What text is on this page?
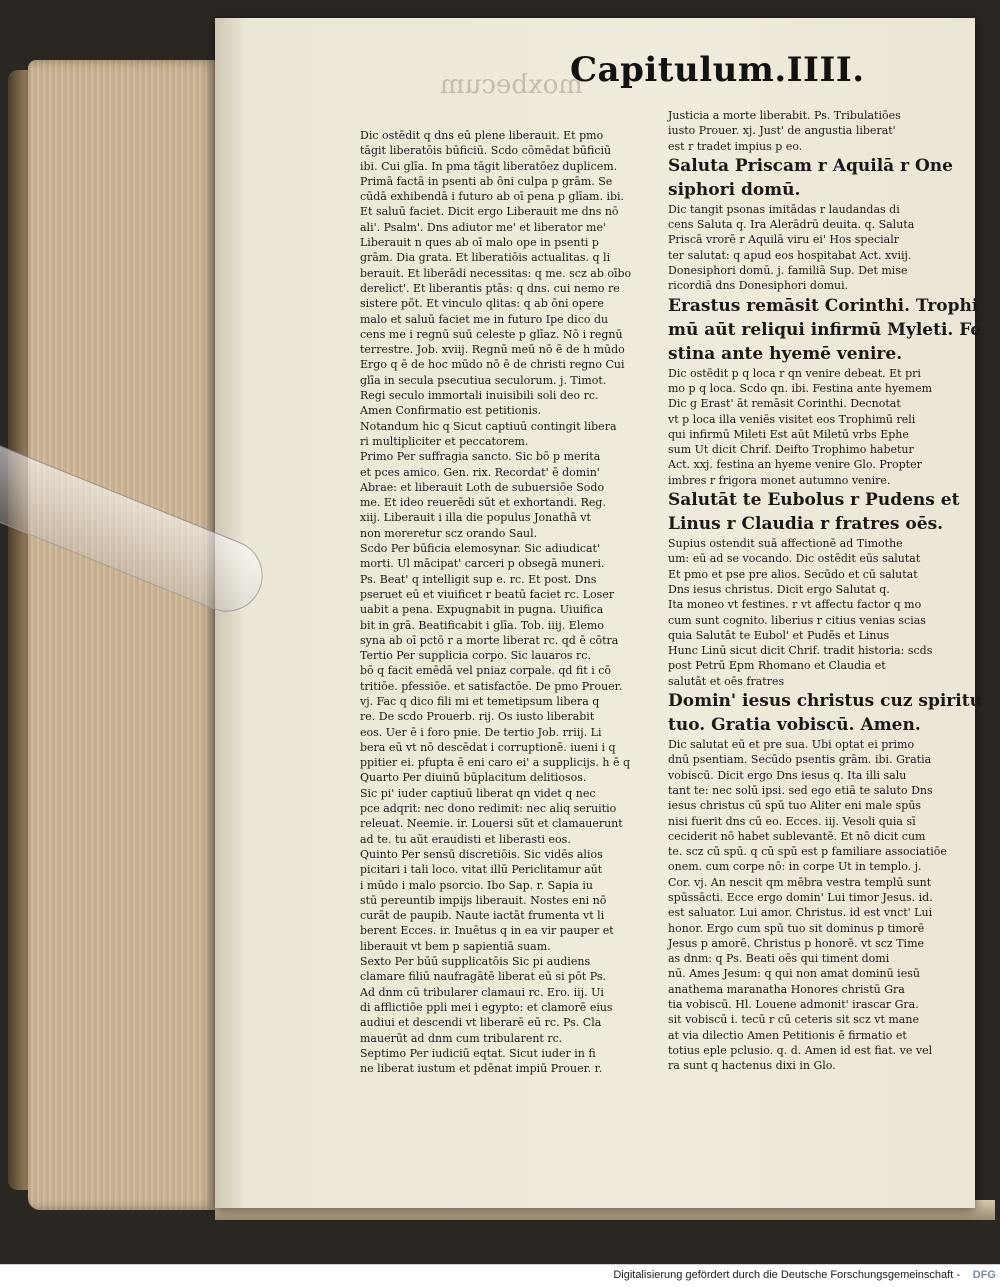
moxbecum
Capitulum.IIII.
Dic ostēdit q dns eū plene liberauit. Et pmo
tāgit liberatōis būficiū. Scdo cōmēdat būficiū
ibi. Cui glīa. In pma tāgit liberatōez duplicem.
Primā factā in psenti ab ōni culpa p grām. Se
cūdā exhibendā i futuro ab oī pena p glīam. ibi.
Et saluū faciet. Dicit ergo Liberauit me dns nō
ali'. Psalm'. Dns adiutor me' et liberator me'
Liberauit n ques ab oī malo ope in psenti p
grām. Dia grata. Et liberatiōis actualitas. q li
berauit. Et liberādi necessitas: q me. scz ab oībo
derelict'. Et liberantis ptās: q dns. cui nemo re
sistere pōt. Et vinculo qlitas: q ab ōni opere
malo et saluū faciet me in futuro Ipe dico du
cens me i regnū suū celeste p glīaz. Nō i regnū
terrestre. Job. xviij. Regnū meū nō ē de h mūdo
Ergo q ē de hoc mūdo nō ē de christi regno Cui
glīa in secula psecutiua seculorum. j. Timot.
Regi seculo immortali inuisibili soli deo rc.
Amen Confirmatio est petitionis.
Notandum hic q Sicut captiuū contingit libera
ri multipliciter et peccatorem.
Primo Per suffragia sancto. Sic bō p merita
et pces amico. Gen. rix. Recordat' ē domin'
Abrae: et liberauit Loth de subuersiōe Sodo
me. Et ideo reuerēdi sūt et exhortandi. Reg.
xiij. Liberauit i illa die populus Jonathā vt
non moreretur scz orando Saul.
Scdo Per būficia elemosynar. Sic adiudicat'
morti. Ul mācipat' carceri p obsegā muneri.
Ps. Beat' q intelligit sup e. rc. Et post. Dns
pseruet eū et viuificet r beatū faciet rc. Loser
uabit a pena. Expugnabit in pugna. Uiuifica
bit in grā. Beatificabit i glīa. Tob. iiij. Elemo
syna ab oī pctō r a morte liberat rc. qd ē cōtra
Tertio Per supplicia corpo. Sic lauaros rc.
bō q facit emēdā vel pniaz corpale. qd fit i cō
tritiōe. pfessiōe. et satisfactōe. De pmo Prouer.
vj. Fac q dico fili mi et temetipsum libera q
re. De scdo Prouerb. rij. Os iusto liberabit
eos. Uer ē i foro pnie. De tertio Job. rriij. Li
bera eū vt nō descēdat i corruptionē. iueni i q
ppitier ei. pfupta ē eni caro ei' a supplicijs. h ē q
Quarto Per diuinū būplacitum delitiosos.
Sic pi' iuder captiuū liberat qn videt q nec
pce adqrit: nec dono redimit: nec aliq seruitio
releuat. Neemie. ir. Louersi sūt et clamauerunt
ad te. tu aūt eraudisti et liberasti eos.
Quinto Per sensū discretiōis. Sic vidēs alios
picitari i tali loco. vitat illū Periclitamur aūt
i mūdo i malo psorcio. Ibo Sap. r. Sapia iu
stū pereuntib impijs liberauit. Nostes eni nō
curāt de paupib. Naute iactāt frumenta vt li
berent Ecces. ir. Inuētus q in ea vir pauper et
liberauit vt bem p sapientiā suam.
Sexto Per būū supplicatōis Sic pi audiens
clamare filiū naufragātē liberat eū si pōt Ps.
Ad dnm cū tribularer clamaui rc. Ero. iij. Ui
di afflictiōe ppli mei i egypto: et clamorē eius
audiui et descendi vt liberarē eū rc. Ps. Cla
mauerūt ad dnm cum tribularent rc.
Septimo Per iudiciū eqtat. Sicut iuder in fi
ne liberat iustum et pdēnat impiū Prouer. r.
Justicia a morte liberabit. Ps. Tribulatiōes
iusto Prouer. xj. Just' de angustia liberat'
est r tradet impius p eo.
Saluta Priscam r Aquilā r One
siphori domū.
Dic tangit psonas imitādas r laudandas di
cens Saluta q. Ira Alerādrū deuita. q. Saluta
Priscā vrorē r Aquilā viru ei' Hos specialr
ter salutat: q apud eos hospitabat Act. xviij.
Donesiphori domū. j. familiā Sup. Det mise
ricordiā dns Donesiphori domui.
Erastus remāsit Corinthi. Trophi
mū aūt reliqui infirmū Myleti. Fe
stina ante hyemē venire.
Dic ostēdit p q loca r qn venire debeat. Et pri
mo p q loca. Scdo qn. ibi. Festina ante hyemem
Dic g Erast' āt remāsit Corinthi. Decnotat
vt p loca illa veniēs visitet eos Trophimū reli
qui infirmū Mileti Est aūt Miletū vrbs Ephe
sum Ut dicit Chrif. Deifto Trophimo habetur
Act. xxj. festina an hyeme venire Glo. Propter
imbres r frigora monet autumno venire.
Salutāt te Eubolus r Pudens et
Linus r Claudia r fratres oēs.
Supius ostendit suā affectionē ad Timothe
um: eū ad se vocando. Dic ostēdit eūs salutat
Et pmo et pse pre alios. Secūdo et cū salutat
Dns iesus christus. Dicit ergo Salutat q.
Ita moneo vt festines. r vt affectu factor q mo
cum sunt cognito. liberius r citius venias scias
quia Salutāt te Eubol' et Pudēs et Linus
Hunc Linū sicut dicit Chrif. tradit historia: scds
post Petrū Epm Rhomano et Claudia et
salutāt et oēs fratres
Domin' iesus christus cuz spiritu
tuo. Gratia vobiscū. Amen.
Dic salutat eū et pre sua. Ubi optat ei primo
dnū psentiam. Secūdo psentis grām. ibi. Gratia
vobiscū. Dicit ergo Dns iesus q. Ita illi salu
tant te: nec solū ipsi. sed ego etiā te saluto Dns
iesus christus cū spū tuo Aliter eni male spūs
nisi fuerit dns cū eo. Ecces. iij. Vesoli quia sī
ceciderit nō habet sublevantē. Et nō dicit cum
te. scz cū spū. q cū spū est p familiare associatiōe
onem. cum corpe nō: in corpe Ut in templo. j.
Cor. vj. An nescit qm mēbra vestra templū sunt
spūssācti. Ecce ergo domin' Lui timor Jesus. id.
est saluator. Lui amor. Christus. id est vnct' Lui
honor. Ergo cum spū tuo sit dominus p timorē
Jesus p amorē. Christus p honorē. vt scz Time
as dnm: q Ps. Beati oēs qui timent domi
nū. Ames Jesum: q qui non amat dominū iesū
anathema maranatha Honores christū Gra
tia vobiscū. Hl. Louene admonit' irascar Gra.
sit vobiscū i. tecū r cū ceteris sit scz vt mane
at via dilectio Amen Petitionis ē firmatio et
totius eple pclusio. q. d. Amen id est fiat. ve vel
ra sunt q hactenus dixi in Glo.
Digitalisierung gefördert durch die Deutsche Forschungsgemeinschaft - DFG
